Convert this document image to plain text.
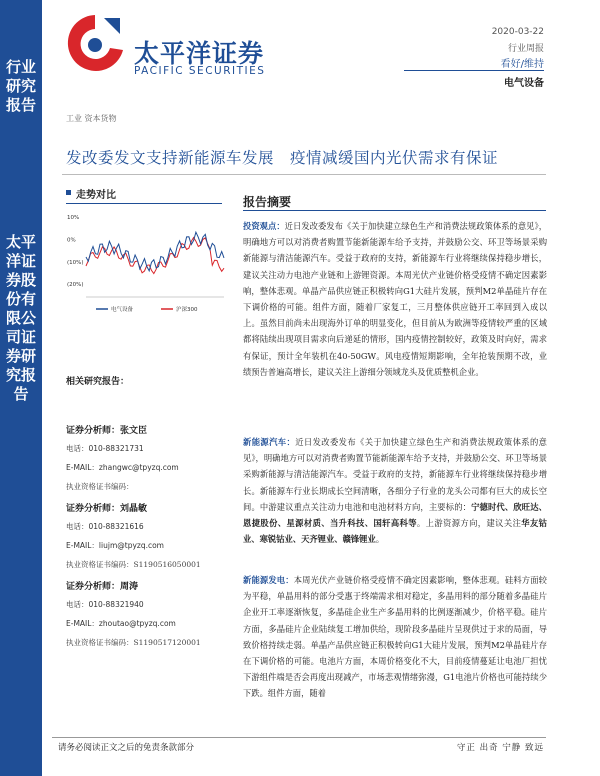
行业研究报告
太平洋证券股份有限公司证券研究报告
太平洋证券
PACIFIC SECURITIES
2020-03-22
行业周报
看好/维持
电气设备
工业 资本货物
发改委发文支持新能源车发展　疫情减缓国内光伏需求有保证
走势对比
10%
0%
(10%)
(20%)
电气设备	沪深300
相关研究报告：
证券分析师：张文臣
电话：010-88321731
E-MAIL：zhangwc@tpyzq.com
执业资格证书编码：
证券分析师：刘晶敏
电话：010-88321616
E-MAIL：liujm@tpyzq.com
执业资格证书编码：S1190516050001
证券分析师：周涛
电话：010-88321940
E-MAIL：zhoutao@tpyzq.com
执业资格证书编码：S1190517120001
报告摘要
投资观点：近日发改委发布《关于加快建立绿色生产和消费法规政策体系的意见》，明确地方可以对消费者购置节能新能源车给予支持，并鼓励公交、环卫等场景采购新能源与清洁能源汽车。受益于政府的支持，新能源车行业将继续保持稳步增长，建议关注动力电池产业链和上游锂资源。本周光伏产业链价格受疫情不确定因素影响，整体悲观。单晶产品供应链正积极转向G1大硅片发展，预判M2单晶硅片存在下调价格的可能。组件方面，随着厂家复工，三月整体供应链开工率回到入成以上。虽然目前尚未出现海外订单的明显变化，但目前从为欧洲等疫情较严重的区域都将陆续出现项目需求向后递延的情形，国内疫情控制较好，政策及时向好，需求有保证，预计全年装机在40-50GW。风电疫情短期影响，全年抢装预期不改，业绩预告普遍高增长，建议关注上游细分领域龙头及优质整机企业。
新能源汽车：近日发改委发布《关于加快建立绿色生产和消费法规政策体系的意见》，明确地方可以对消费者购置节能新能源车给予支持，并鼓励公交、环卫等场景采购新能源与清洁能源汽车。受益于政府的支持，新能源车行业将继续保持稳步增长。新能源车行业长期成长空间清晰，各细分子行业的龙头公司都有巨大的成长空间。中游建议重点关注动力电池和电池材料方向，主要标的：宁德时代、欣旺达、恩捷股份、星源材质、当升科技、国轩高科等。上游资源方向，建议关注华友钴业、寒锐钴业、天齐锂业、赣锋锂业。
新能源发电：本周光伏产业链价格受疫情不确定因素影响，整体悲观。硅料方面较为平稳，单晶用料的部分受惠于终端需求相对稳定，多晶用料的部分随着多晶硅片企业开工率逐渐恢复，多晶硅企业生产多晶用料的比例逐渐减少，价格平稳。硅片方面，多晶硅片企业陆续复工增加供给，现阶段多晶硅片呈现供过于求的局面，导致价格持续走弱。单晶产品供应链正积极转向G1大硅片发展，预判M2单晶硅片存在下调价格的可能。电池片方面，本周价格变化不大，目前疫情蔓延让电池厂担忧下游组件端是否会再度出现减产，市场悲观情绪弥漫，G1电池片价格也可能持续少下跌。组件方面，随着
请务必阅读正文之后的免责条款部分	守正 出奇 宁静 致远
